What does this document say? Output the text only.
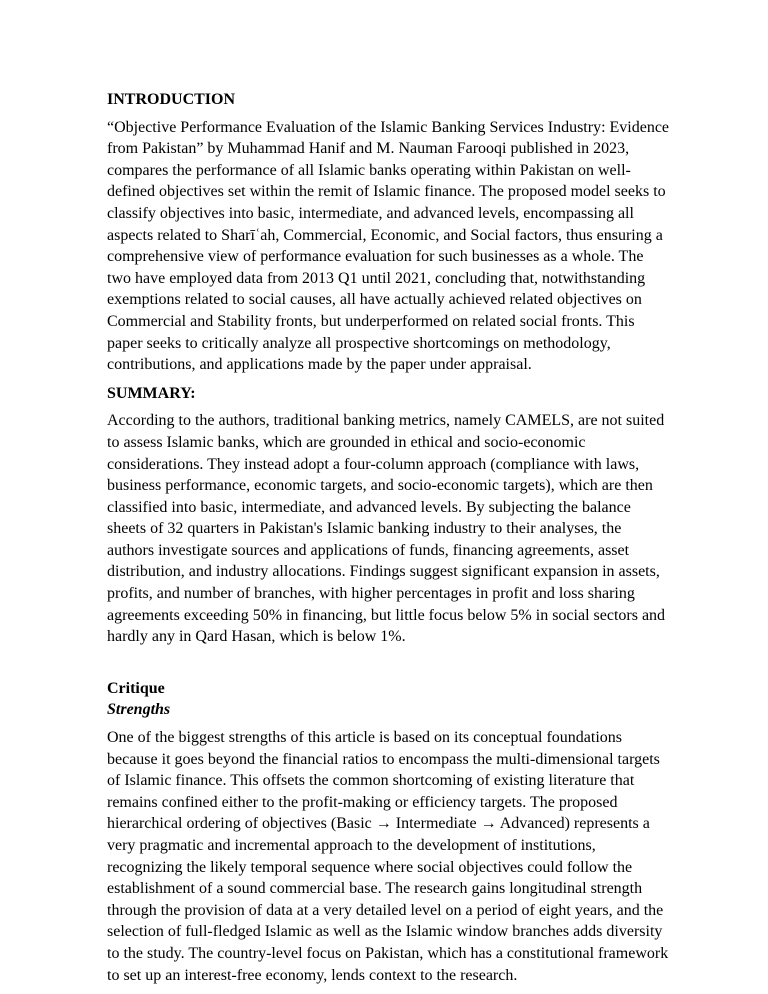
INTRODUCTION

“Objective Performance Evaluation of the Islamic Banking Services Industry: Evidence from Pakistan” by Muhammad Hanif and M. Nauman Farooqi published in 2023, compares the performance of all Islamic banks operating within Pakistan on well-defined objectives set within the remit of Islamic finance. The proposed model seeks to classify objectives into basic, intermediate, and advanced levels, encompassing all aspects related to Sharīʿah, Commercial, Economic, and Social factors, thus ensuring a comprehensive view of performance evaluation for such businesses as a whole. The two have employed data from 2013 Q1 until 2021, concluding that, notwithstanding exemptions related to social causes, all have actually achieved related objectives on Commercial and Stability fronts, but underperformed on related social fronts. This paper seeks to critically analyze all prospective shortcomings on methodology, contributions, and applications made by the paper under appraisal.

SUMMARY:

According to the authors, traditional banking metrics, namely CAMELS, are not suited to assess Islamic banks, which are grounded in ethical and socio-economic considerations. They instead adopt a four-column approach (compliance with laws, business performance, economic targets, and socio-economic targets), which are then classified into basic, intermediate, and advanced levels. By subjecting the balance sheets of 32 quarters in Pakistan's Islamic banking industry to their analyses, the authors investigate sources and applications of funds, financing agreements, asset distribution, and industry allocations. Findings suggest significant expansion in assets, profits, and number of branches, with higher percentages in profit and loss sharing agreements exceeding 50% in financing, but little focus below 5% in social sectors and hardly any in Qard Hasan, which is below 1%.

Critique
Strengths

One of the biggest strengths of this article is based on its conceptual foundations because it goes beyond the financial ratios to encompass the multi-dimensional targets of Islamic finance. This offsets the common shortcoming of existing literature that remains confined either to the profit-making or efficiency targets. The proposed hierarchical ordering of objectives (Basic → Intermediate → Advanced) represents a very pragmatic and incremental approach to the development of institutions, recognizing the likely temporal sequence where social objectives could follow the establishment of a sound commercial base. The research gains longitudinal strength through the provision of data at a very detailed level on a period of eight years, and the selection of full-fledged Islamic as well as the Islamic window branches adds diversity to the study. The country-level focus on Pakistan, which has a constitutional framework to set up an interest-free economy, lends context to the research.
